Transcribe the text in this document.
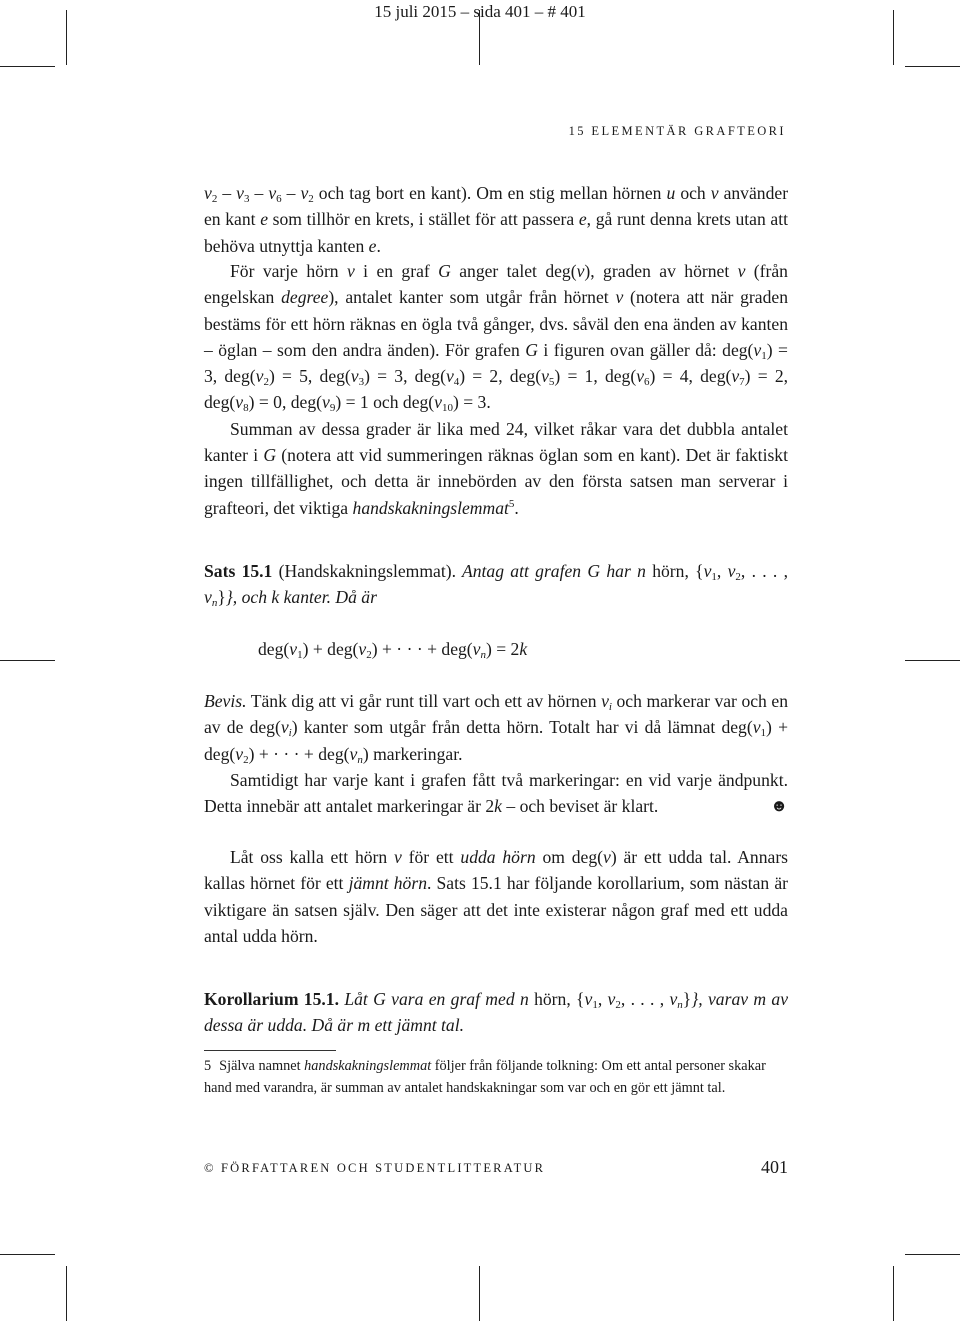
15 juli 2015 – sida 401 – # 401
15 ELEMENTÄR GRAFTEORI

$v_2 - v_3 - v_6 - v_2$ och tag bort en kant). Om en stig mellan hörnen u och v använder en kant e som tillhör en krets, i stället för att passera e, gå runt denna krets utan att behöva utnyttja kanten e.

För varje hörn v i en graf G anger talet deg(v), graden av hörnet v (från engelskan degree), antalet kanter som utgår från hörnet v (notera att när graden bestäms för ett hörn räknas en ögla två gånger, dvs. såväl den ena änden av kanten – öglan – som den andra änden). För grafen G i figuren ovan gäller då: $deg(v_1) = 3$, $deg(v_2) = 5$, $deg(v_3) = 3$, $deg(v_4) = 2$, $deg(v_5) = 1$, $deg(v_6) = 4$, $deg(v_7) = 2$, $deg(v_8) = 0$, $deg(v_9) = 1$ och $deg(v_{10}) = 3$.

Summan av dessa grader är lika med 24, vilket råkar vara det dubbla antalet kanter i G (notera att vid summeringen räknas öglan som en kant). Det är faktiskt ingen tillfällighet, och detta är innebörden av den första satsen man serverar i grafteori, det viktiga handskakningslemmat$^5$.

Sats 15.1 (Handskakningslemmat). Antag att grafen G har n hörn, {$v_1$, $v_2$, . . . , $v_n$}}, och k kanter. Då är

$deg(v_1) + deg(v_2)$ + · · · + $deg(v_n) = 2k$

Bevis. Tänk dig att vi går runt till vart och ett av hörnen $v_i$ och markerar var och en av de $deg(v_i)$ kanter som utgår från detta hörn. Totalt har vi då lämnat $deg(v_1) + deg(v_2)$ + · · · + $deg(v_n)$ markeringar.

Samtidigt har varje kant i grafen fått två markeringar: en vid varje ändpunkt. Detta innebär att antalet markeringar är 2k – och beviset är klart.	☻

Låt oss kalla ett hörn v för ett udda hörn om deg(v) är ett udda tal. Annars kallas hörnet för ett jämnt hörn. Sats 15.1 har följande korollarium, som nästan är viktigare än satsen själv. Den säger att det inte existerar någon graf med ett udda antal udda hörn.

Korollarium 15.1. Låt G vara en graf med n hörn, {$v_1$, $v_2$, . . . , $v_n$}}, varav m av dessa är udda. Då är m ett jämnt tal.

5 Själva namnet handskakningslemmat följer från följande tolkning: Om ett antal personer skakar hand med varandra, är summan av antalet handskakningar som var och en gör ett jämnt tal.
© FÖRFATTAREN OCH STUDENTLITTERATUR	401
